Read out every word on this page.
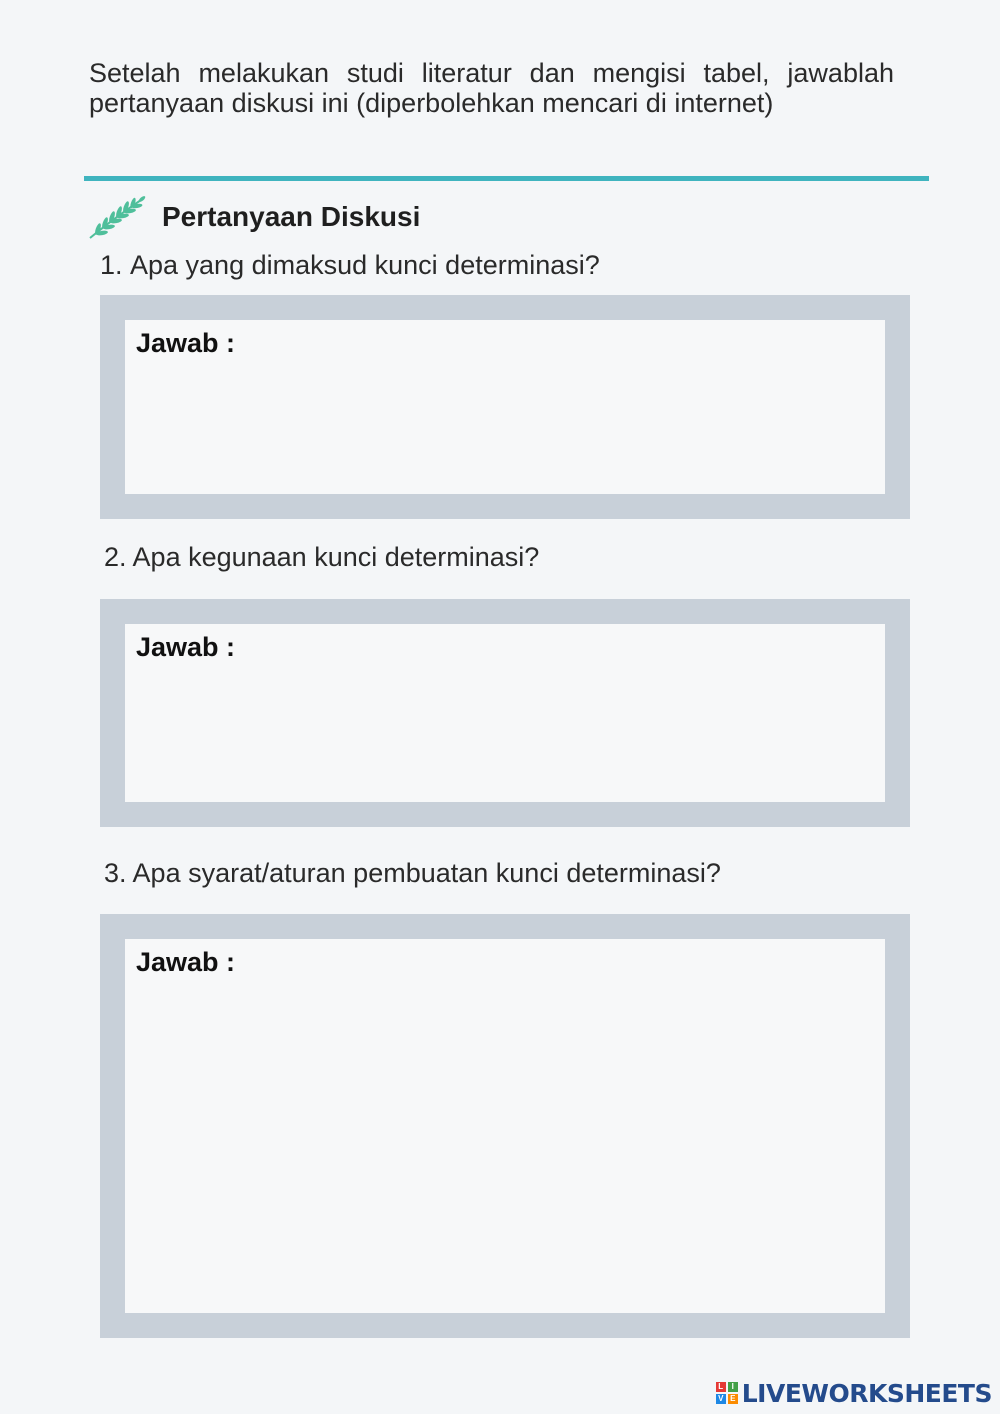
Setelah melakukan studi literatur dan mengisi tabel, jawablah pertanyaan diskusi ini (diperbolehkan mencari di internet)
Pertanyaan Diskusi
1. Apa yang dimaksud kunci determinasi?
Jawab :
2. Apa kegunaan kunci determinasi?
Jawab :
3. Apa syarat/aturan pembuatan kunci determinasi?
Jawab :
L	I
V E LIVEWORKSHEETS
